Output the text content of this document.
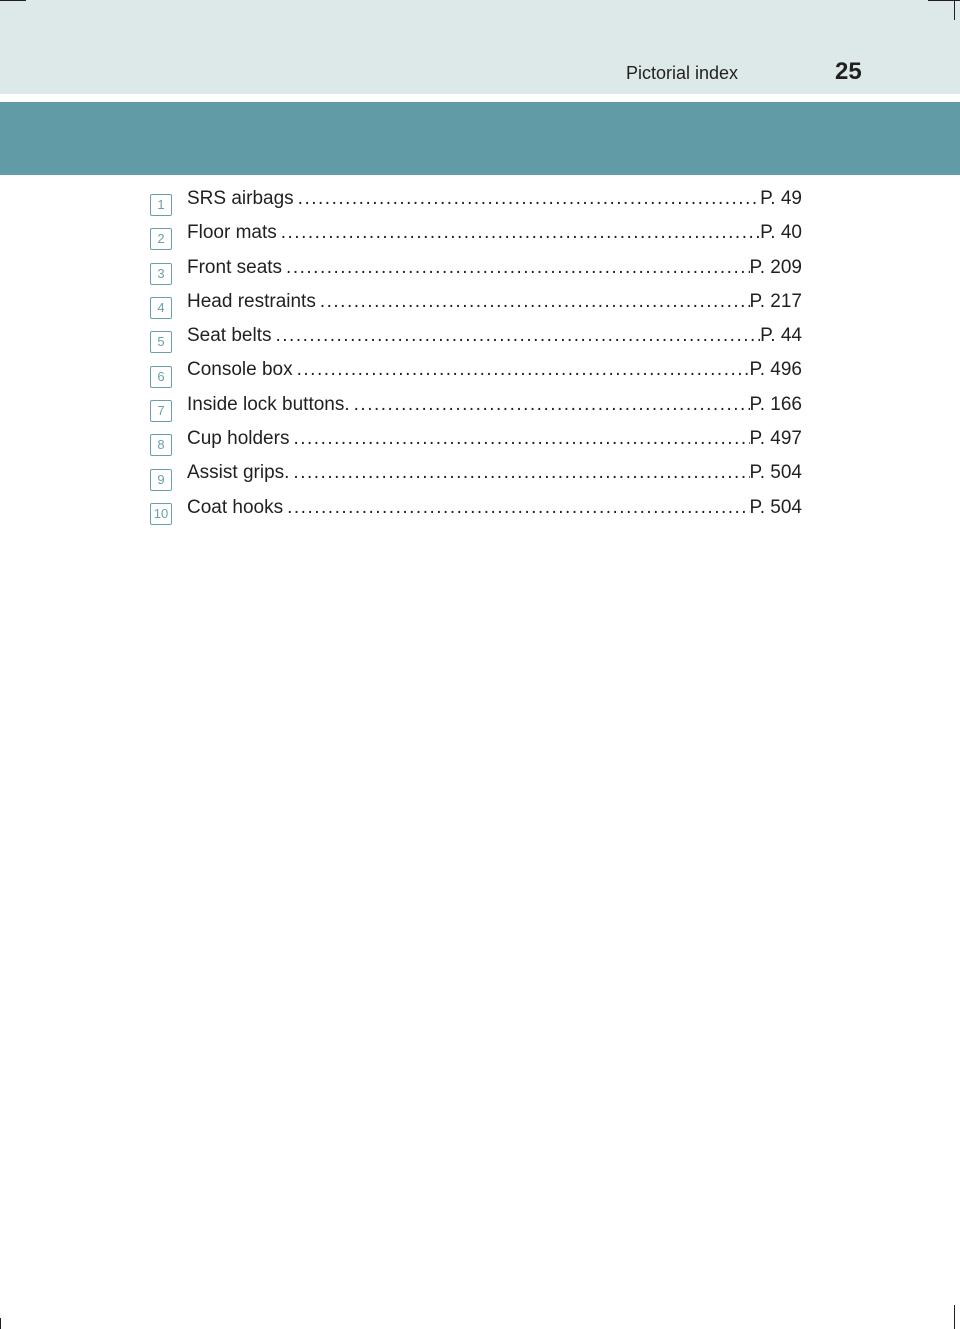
Pictorial index	25
1	SRS airbags .....	P. 49
2	Floor mats .....	P. 40
3	Front seats .....	P. 209
4	Head restraints .....	P. 217
5	Seat belts .....	P. 44
6	Console box .....	P. 496
7	Inside lock buttons. .....	P. 166
8	Cup holders .....	P. 497
9	Assist grips. .....	P. 504
10 Coat hooks .....	P. 504
